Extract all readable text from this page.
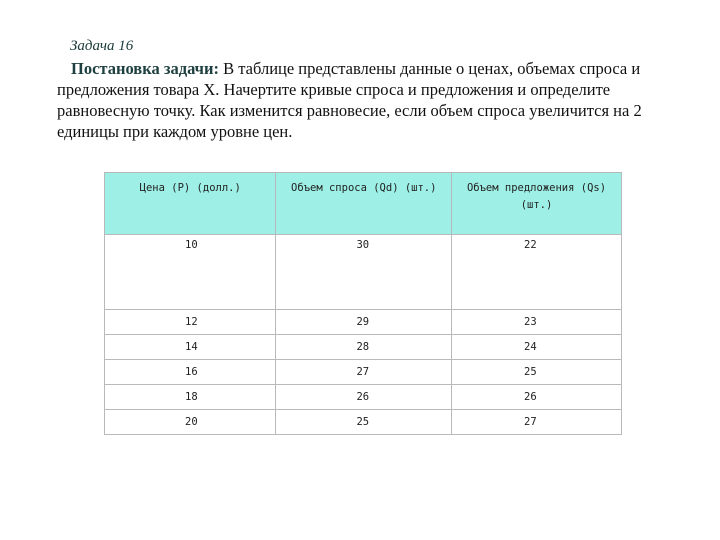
Задача 16
Постановка задачи: В таблице представлены данные о ценах, объемах спроса и предложения товара X. Начертите кривые спроса и предложения и определите равновесную точку. Как изменится равновесие, если объем спроса увеличится на 2 единицы при каждом уровне цен.
Цена (P) (долл.)	Объем спроса (Qd) (шт.)	Объем предложения (Qs) (шт.)
10	30	22
12	29	23
14	28	24
16	27	25
18	26	26
20	25	27
